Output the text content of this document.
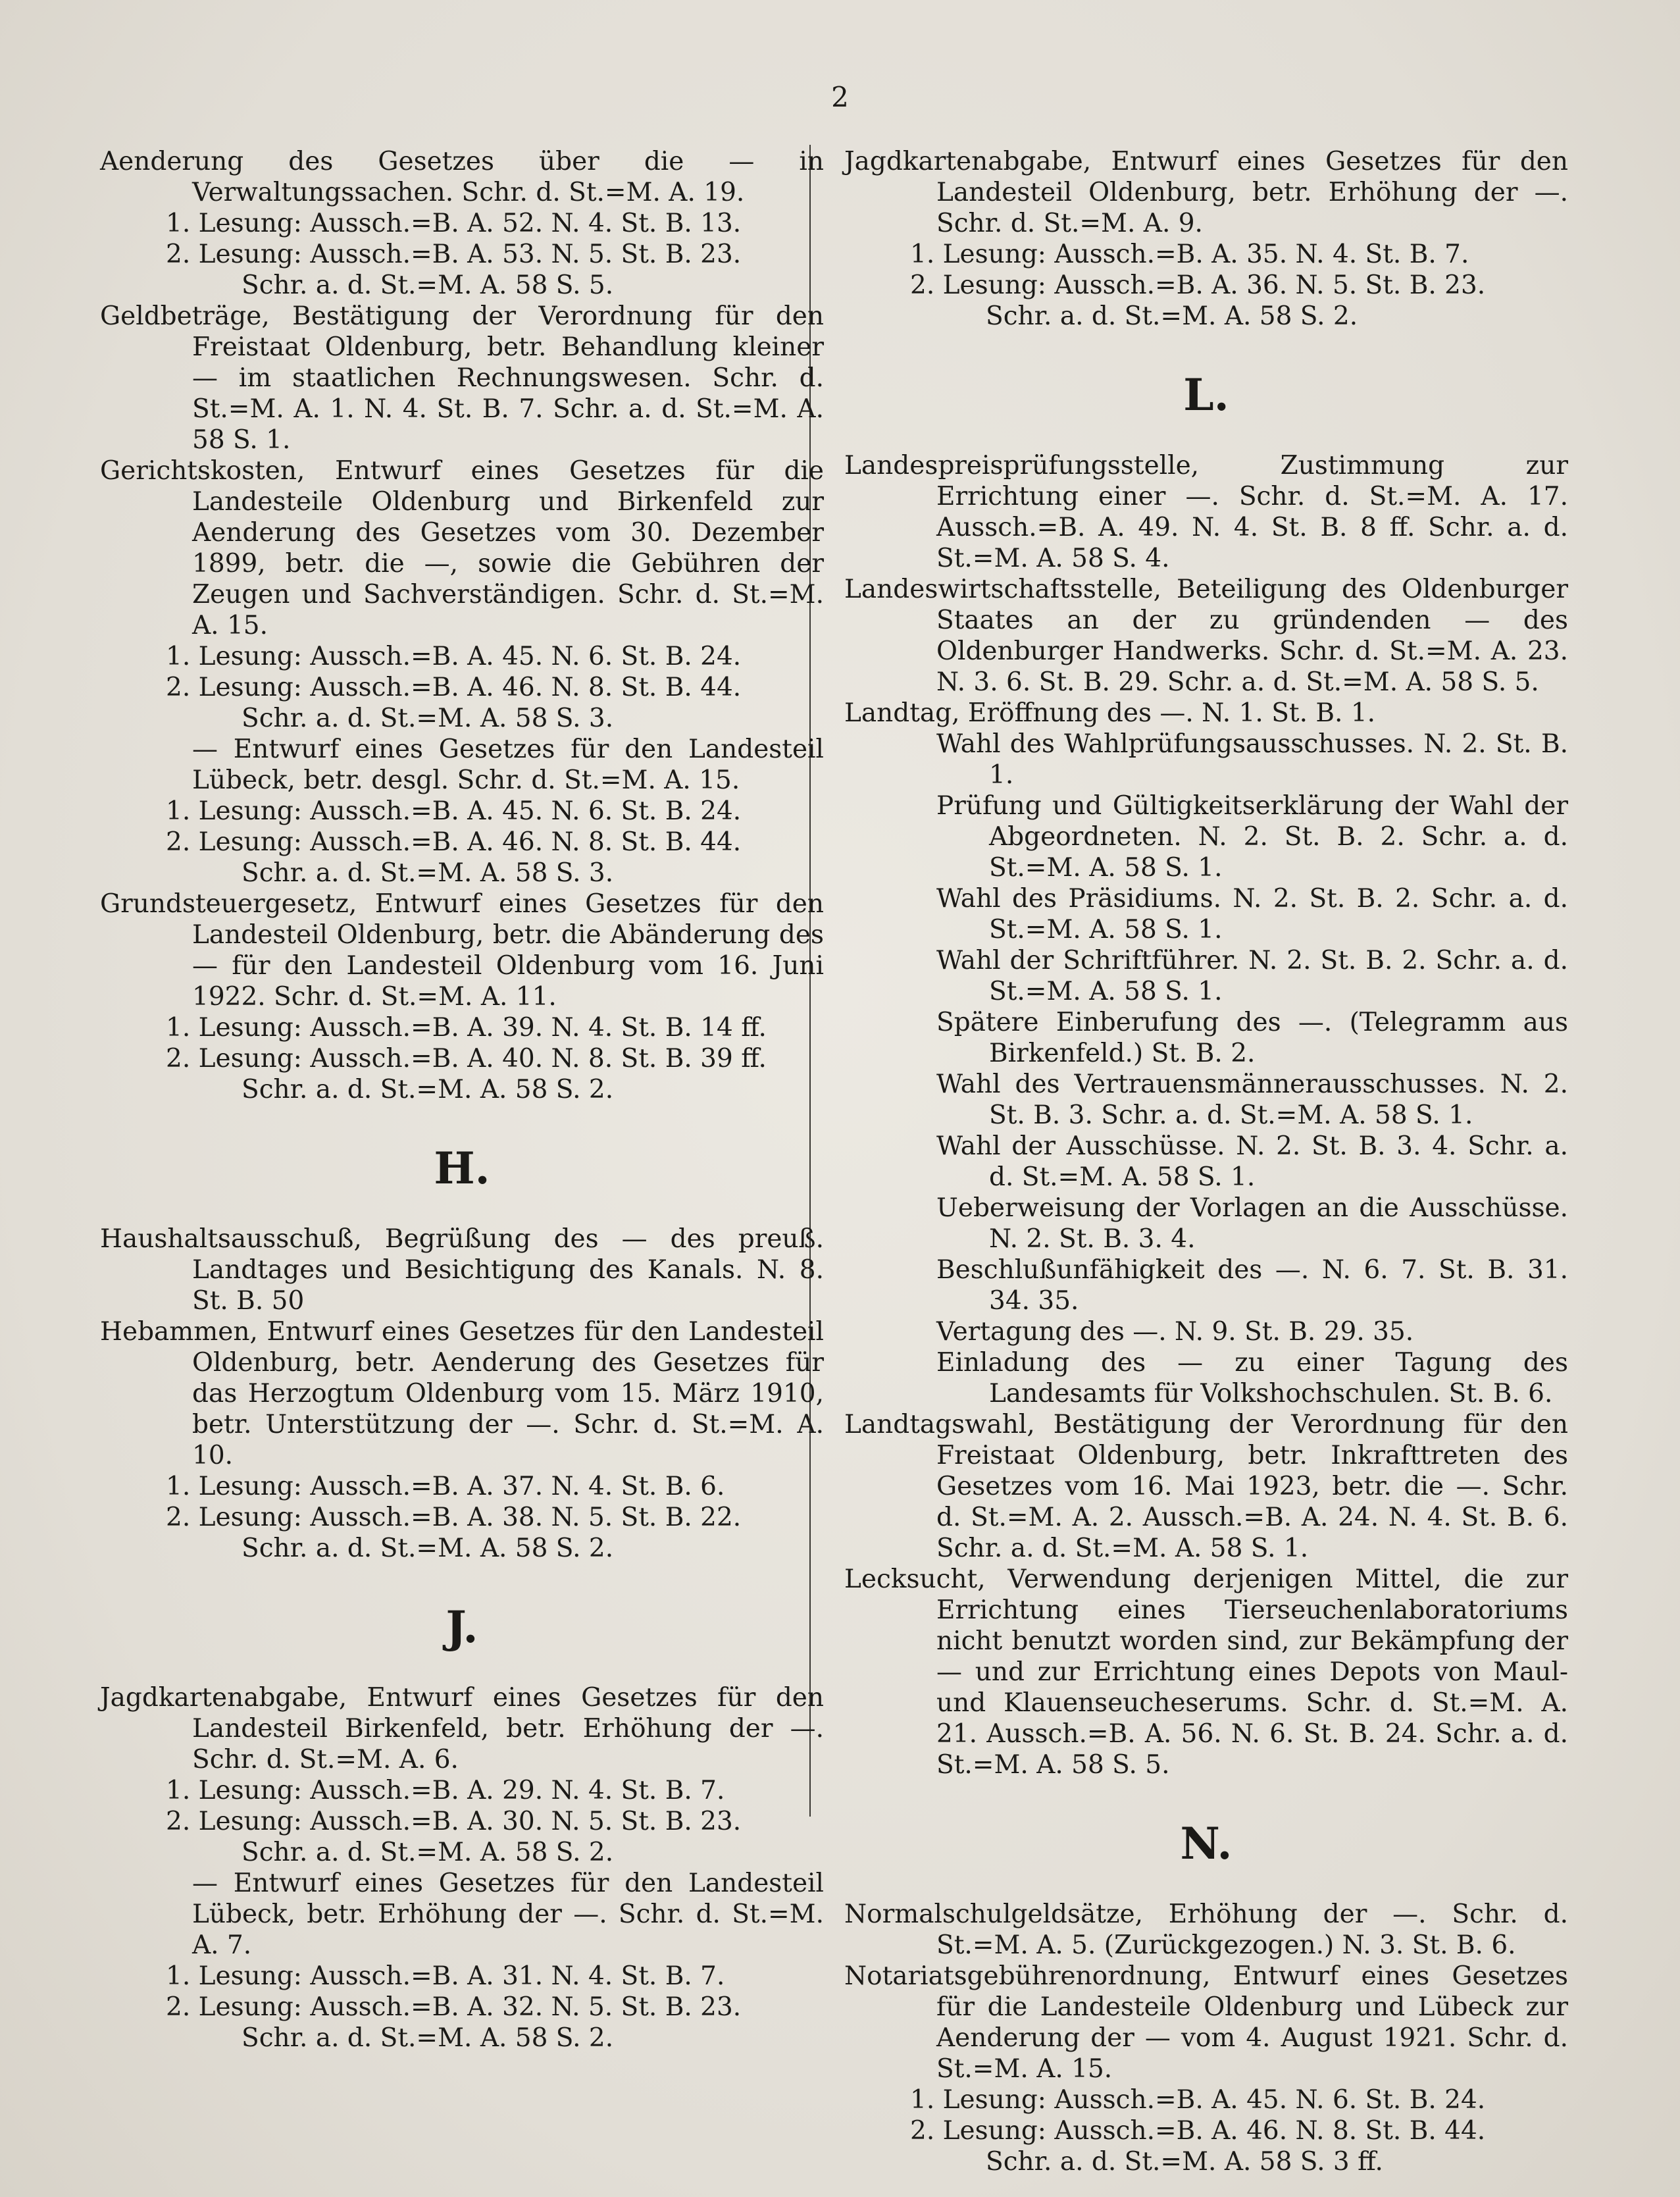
2
Aenderung des Gesetzes über die — in Verwaltungssachen. Schr. d. St.=M. A. 19.
1. Lesung: Aussch.=B. A. 52. N. 4. St. B. 13.
2. Lesung: Aussch.=B. A. 53. N. 5. St. B. 23.
Schr. a. d. St.=M. A. 58 S. 5.
Geldbeträge, Bestätigung der Verordnung für den Freistaat Oldenburg, betr. Behandlung kleiner — im staatlichen Rechnungswesen. Schr. d. St.=M. A. 1. N. 4. St. B. 7. Schr. a. d. St.=M. A. 58 S. 1.
Gerichtskosten, Entwurf eines Gesetzes für die Landesteile Oldenburg und Birkenfeld zur Aenderung des Gesetzes vom 30. Dezember 1899, betr. die —, sowie die Gebühren der Zeugen und Sachverständigen. Schr. d. St.=M. A. 15.
1. Lesung: Aussch.=B. A. 45. N. 6. St. B. 24.
2. Lesung: Aussch.=B. A. 46. N. 8. St. B. 44.
Schr. a. d. St.=M. A. 58 S. 3.
— Entwurf eines Gesetzes für den Landesteil Lübeck, betr. desgl. Schr. d. St.=M. A. 15.
1. Lesung: Aussch.=B. A. 45. N. 6. St. B. 24.
2. Lesung: Aussch.=B. A. 46. N. 8. St. B. 44.
Schr. a. d. St.=M. A. 58 S. 3.
Grundsteuergesetz, Entwurf eines Gesetzes für den Landesteil Oldenburg, betr. die Abänderung des — für den Landesteil Oldenburg vom 16. Juni 1922. Schr. d. St.=M. A. 11.
1. Lesung: Aussch.=B. A. 39. N. 4. St. B. 14 ff.
2. Lesung: Aussch.=B. A. 40. N. 8. St. B. 39 ff.
Schr. a. d. St.=M. A. 58 S. 2.
H.
Haushaltsausschuß, Begrüßung des — des preuß. Landtages und Besichtigung des Kanals. N. 8. St. B. 50
Hebammen, Entwurf eines Gesetzes für den Landesteil Oldenburg, betr. Aenderung des Gesetzes für das Herzogtum Oldenburg vom 15. März 1910, betr. Unterstützung der —. Schr. d. St.=M. A. 10.
1. Lesung: Aussch.=B. A. 37. N. 4. St. B. 6.
2. Lesung: Aussch.=B. A. 38. N. 5. St. B. 22.
Schr. a. d. St.=M. A. 58 S. 2.
J.
Jagdkartenabgabe, Entwurf eines Gesetzes für den Landesteil Birkenfeld, betr. Erhöhung der —. Schr. d. St.=M. A. 6.
1. Lesung: Aussch.=B. A. 29. N. 4. St. B. 7.
2. Lesung: Aussch.=B. A. 30. N. 5. St. B. 23.
Schr. a. d. St.=M. A. 58 S. 2.
— Entwurf eines Gesetzes für den Landesteil Lübeck, betr. Erhöhung der —. Schr. d. St.=M. A. 7.
1. Lesung: Aussch.=B. A. 31. N. 4. St. B. 7.
2. Lesung: Aussch.=B. A. 32. N. 5. St. B. 23.
Schr. a. d. St.=M. A. 58 S. 2.
Jagdkartenabgabe, Entwurf eines Gesetzes für den Landesteil Oldenburg, betr. Erhöhung der —. Schr. d. St.=M. A. 9.
1. Lesung: Aussch.=B. A. 35. N. 4. St. B. 7.
2. Lesung: Aussch.=B. A. 36. N. 5. St. B. 23.
Schr. a. d. St.=M. A. 58 S. 2.
L.
Landespreisprüfungsstelle, Zustimmung zur Errichtung einer —. Schr. d. St.=M. A. 17. Aussch.=B. A. 49. N. 4. St. B. 8 ff. Schr. a. d. St.=M. A. 58 S. 4.
Landeswirtschaftsstelle, Beteiligung des Oldenburger Staates an der zu gründenden — des Oldenburger Handwerks. Schr. d. St.=M. A. 23. N. 3. 6. St. B. 29. Schr. a. d. St.=M. A. 58 S. 5.
Landtag, Eröffnung des —. N. 1. St. B. 1.
Wahl des Wahlprüfungsausschusses. N. 2. St. B. 1.
Prüfung und Gültigkeitserklärung der Wahl der Abgeordneten. N. 2. St. B. 2. Schr. a. d. St.=M. A. 58 S. 1.
Wahl des Präsidiums. N. 2. St. B. 2. Schr. a. d. St.=M. A. 58 S. 1.
Wahl der Schriftführer. N. 2. St. B. 2. Schr. a. d. St.=M. A. 58 S. 1.
Spätere Einberufung des —. (Telegramm aus Birkenfeld.) St. B. 2.
Wahl des Vertrauensmännerausschusses. N. 2. St. B. 3. Schr. a. d. St.=M. A. 58 S. 1.
Wahl der Ausschüsse. N. 2. St. B. 3. 4. Schr. a. d. St.=M. A. 58 S. 1.
Ueberweisung der Vorlagen an die Ausschüsse. N. 2. St. B. 3. 4.
Beschlußunfähigkeit des —. N. 6. 7. St. B. 31. 34. 35.
Vertagung des —. N. 9. St. B. 29. 35.
Einladung des — zu einer Tagung des Landesamts für Volkshochschulen. St. B. 6.
Landtagswahl, Bestätigung der Verordnung für den Freistaat Oldenburg, betr. Inkrafttreten des Gesetzes vom 16. Mai 1923, betr. die —. Schr. d. St.=M. A. 2. Aussch.=B. A. 24. N. 4. St. B. 6. Schr. a. d. St.=M. A. 58 S. 1.
Lecksucht, Verwendung derjenigen Mittel, die zur Errichtung eines Tierseuchenlaboratoriums nicht benutzt worden sind, zur Bekämpfung der — und zur Errichtung eines Depots von Maul- und Klauenseucheserums. Schr. d. St.=M. A. 21. Aussch.=B. A. 56. N. 6. St. B. 24. Schr. a. d. St.=M. A. 58 S. 5.
N.
Normalschulgeldsätze, Erhöhung der —. Schr. d. St.=M. A. 5. (Zurückgezogen.) N. 3. St. B. 6.
Notariatsgebührenordnung, Entwurf eines Gesetzes für die Landesteile Oldenburg und Lübeck zur Aenderung der — vom 4. August 1921. Schr. d. St.=M. A. 15.
1. Lesung: Aussch.=B. A. 45. N. 6. St. B. 24.
2. Lesung: Aussch.=B. A. 46. N. 8. St. B. 44.
Schr. a. d. St.=M. A. 58 S. 3 ff.
